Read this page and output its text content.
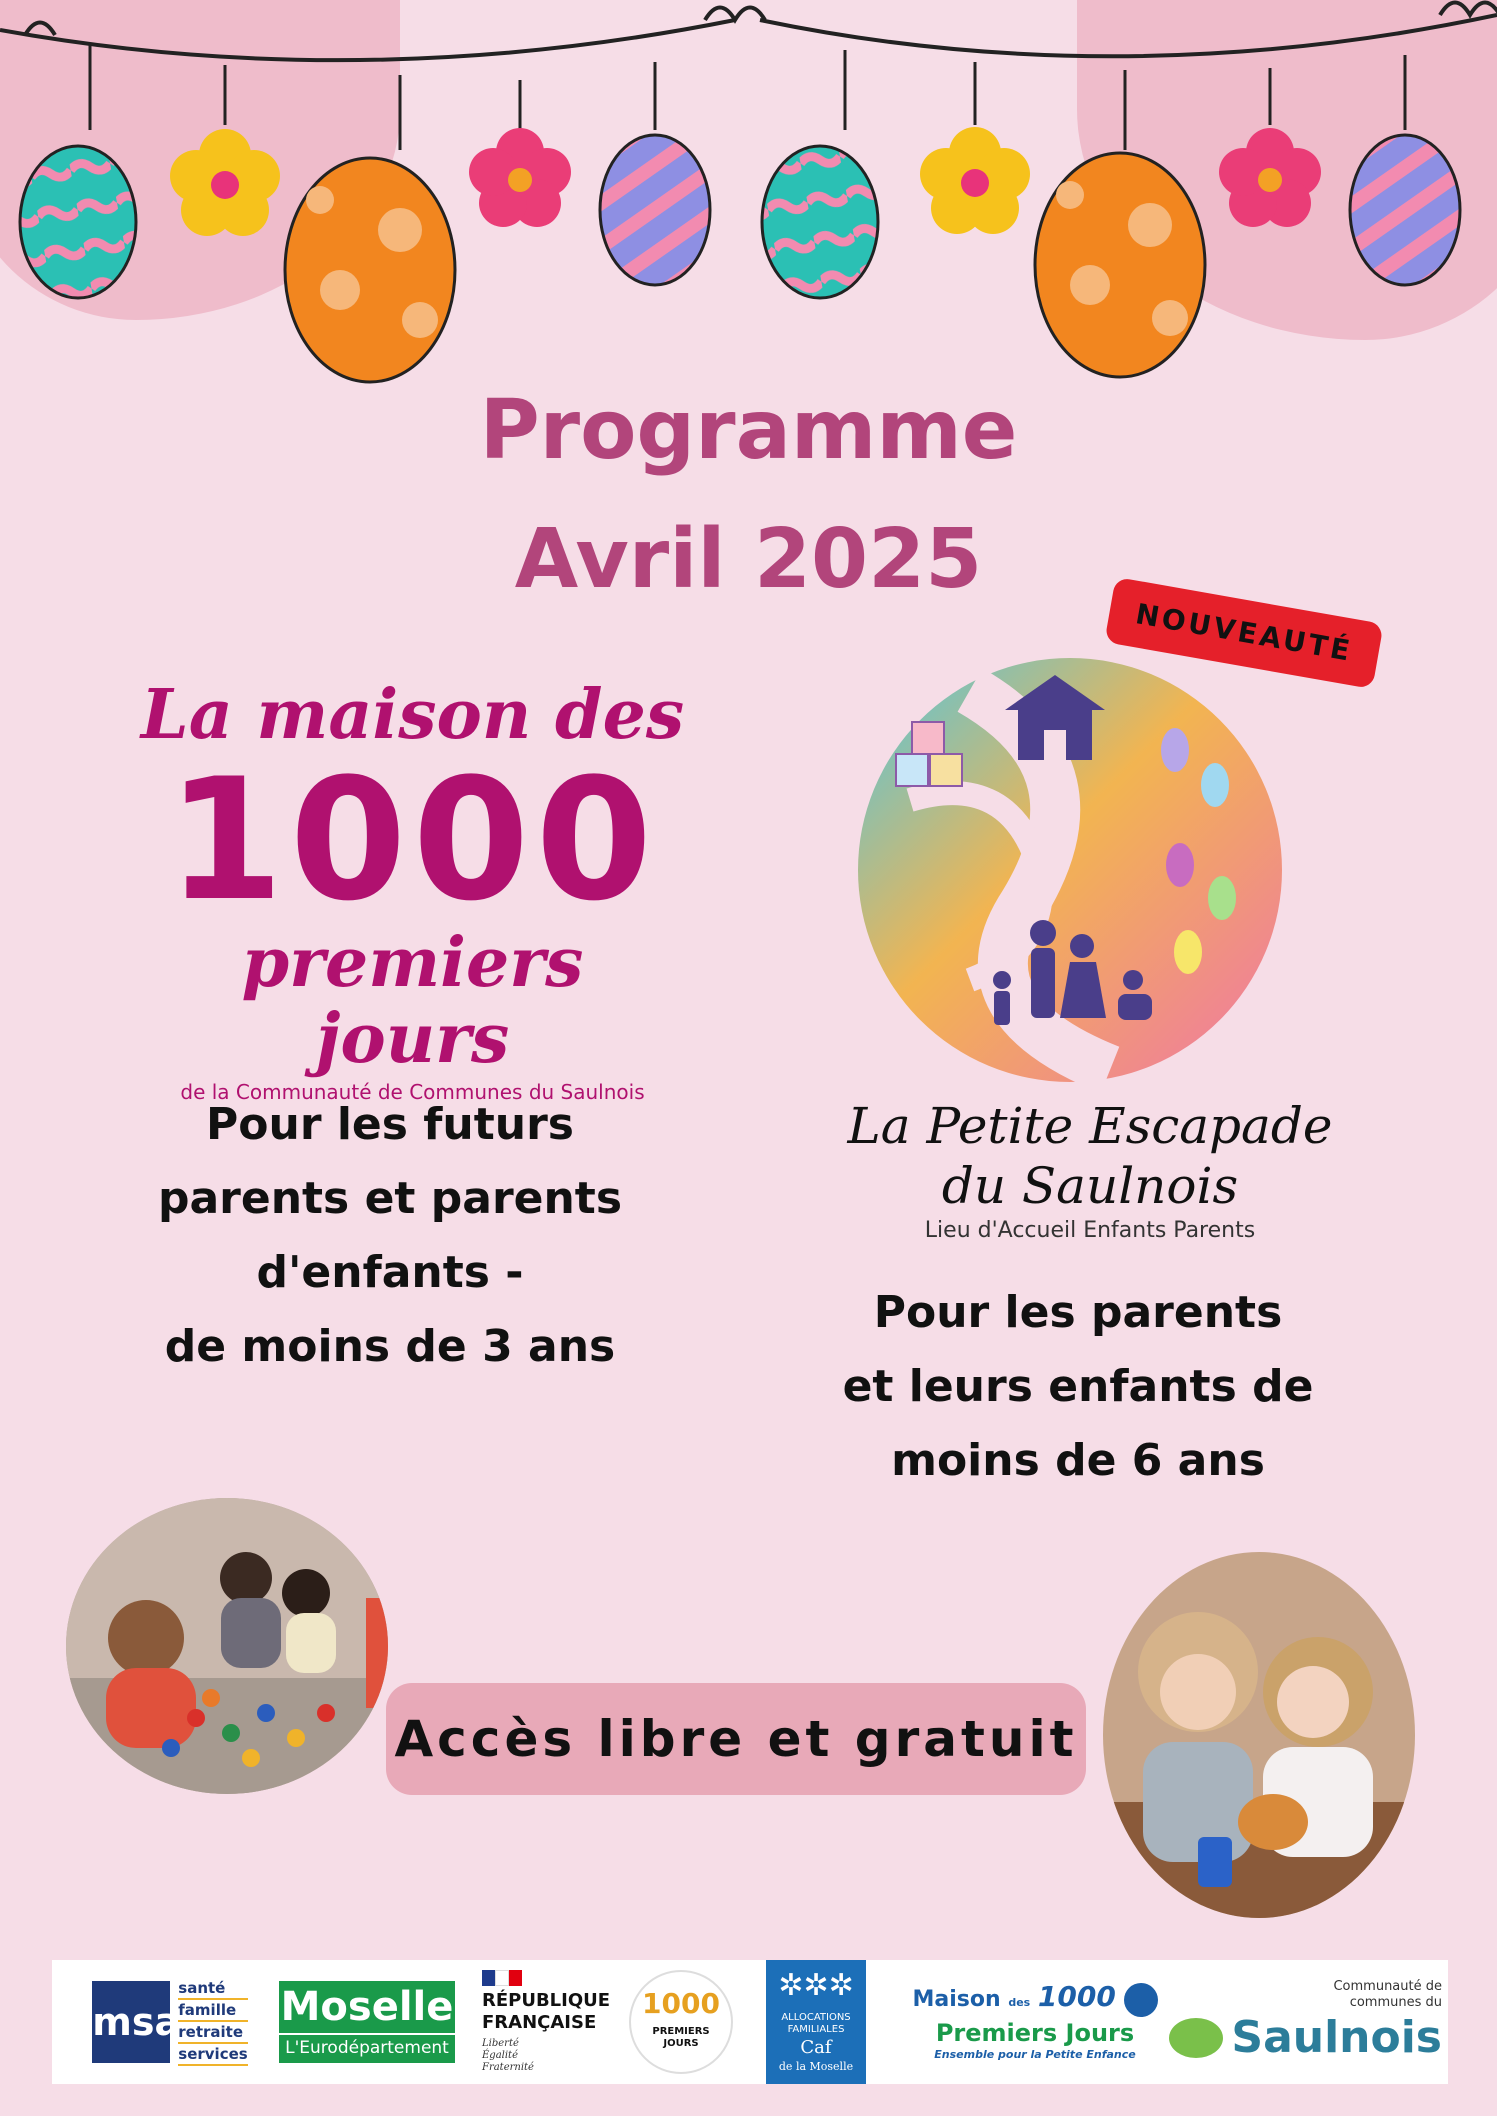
Programme
Avril 2025
La maison des
1000
premiers jours
de la Communauté de Communes du Saulnois
Pour les futurs
parents et parents
d'enfants -
de moins de 3 ans
La Petite Escapade
du Saulnois
Lieu d'Accueil Enfants Parents
NOUVEAUTÉ
Pour les parents
et leurs enfants de
moins de 6 ans
Accès libre et gratuit
msa
santé
famille
retraite
services
Moselle
L'Eurodépartement
RÉPUBLIQUE
FRANÇAISE
Liberté
Égalité
Fraternité
1000
PREMIERS
JOURS
✲✲✲
ALLOCATIONS
FAMILIALES
Caf
de la Moselle
Maison des 1000
Premiers Jours
Ensemble pour la Petite Enfance
Communauté de
communes du
Saulnois
